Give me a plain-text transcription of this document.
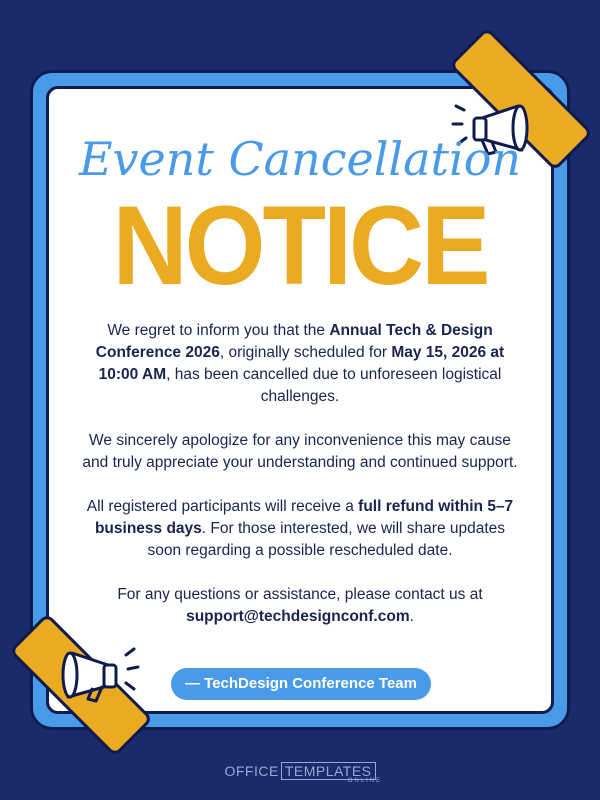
Event Cancellation
NOTICE

We regret to inform you that the Annual Tech & Design Conference 2026, originally scheduled for May 15, 2026 at 10:00 AM, has been cancelled due to unforeseen logistical challenges.

We sincerely apologize for any inconvenience this may cause and truly appreciate your understanding and continued support.

All registered participants will receive a full refund within 5–7 business days. For those interested, we will share updates soon regarding a possible rescheduled date.

For any questions or assistance, please contact us at
support@techdesignconf.com.

— TechDesign Conference Team
OFFICE TEMPLATES
ONLINE
